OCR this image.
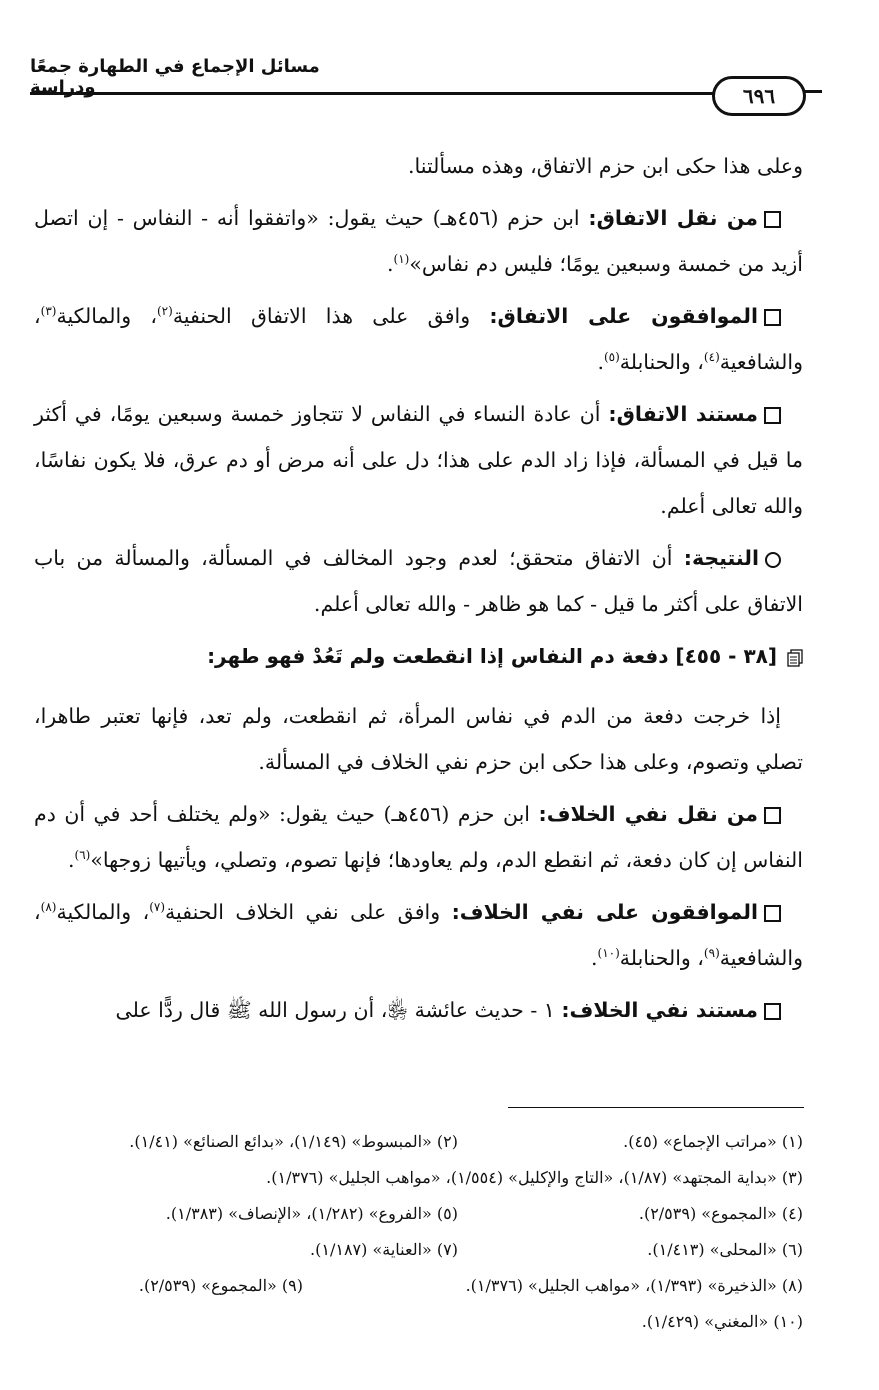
مسائل الإجماع في الطهارة جمعًا ودراسة	٦٩٦

وعلى هذا حكى ابن حزم الاتفاق، وهذه مسألتنا.

من نقل الاتفاق: ابن حزم (٤٥٦هـ) حيث يقول: «واتفقوا أنه - النفاس - إن اتصل أزيد من خمسة وسبعين يومًا؛ فليس دم نفاس»$^{(١)}$.

الموافقون على الاتفاق: وافق على هذا الاتفاق الحنفية$^{(٢)}$، والمالكية$^{(٣)}$، والشافعية$^{(٤)}$، والحنابلة$^{(٥)}$.

مستند الاتفاق: أن عادة النساء في النفاس لا تتجاوز خمسة وسبعين يومًا، في أكثر ما قيل في المسألة، فإذا زاد الدم على هذا؛ دل على أنه مرض أو دم عرق، فلا يكون نفاسًا، والله تعالى أعلم.

النتيجة: أن الاتفاق متحقق؛ لعدم وجود المخالف في المسألة، والمسألة من باب الاتفاق على أكثر ما قيل - كما هو ظاهر - والله تعالى أعلم.

[٣٨ - ٤٥٥] دفعة دم النفاس إذا انقطعت ولم تَعُدْ فهو طهر:

إذا خرجت دفعة من الدم في نفاس المرأة، ثم انقطعت، ولم تعد، فإنها تعتبر طاهرا، تصلي وتصوم، وعلى هذا حكى ابن حزم نفي الخلاف في المسألة.

من نقل نفي الخلاف: ابن حزم (٤٥٦هـ) حيث يقول: «ولم يختلف أحد في أن دم النفاس إن كان دفعة، ثم انقطع الدم، ولم يعاودها؛ فإنها تصوم، وتصلي، ويأتيها زوجها»$^{(٦)}$.

الموافقون على نفي الخلاف: وافق على نفي الخلاف الحنفية$^{(٧)}$، والمالكية$^{(٨)}$، والشافعية$^{(٩)}$، والحنابلة$^{(١٠)}$.

مستند نفي الخلاف: ١ - حديث عائشة ﵂، أن رسول الله ﷺ قال ردًّا على

(١) «مراتب الإجماع» (٤٥).
(٢) «المبسوط» (١/١٤٩)، «بدائع الصنائع» (١/٤١).
(٣) «بداية المجتهد» (١/٨٧)، «التاج والإكليل» (١/٥٥٤)، «مواهب الجليل» (١/٣٧٦).
(٤) «المجموع» (٢/٥٣٩).
(٥) «الفروع» (١/٢٨٢)، «الإنصاف» (١/٣٨٣).
(٦) «المحلى» (١/٤١٣).
(٧) «العناية» (١/١٨٧).
(٨) «الذخيرة» (١/٣٩٣)، «مواهب الجليل» (١/٣٧٦).
(٩) «المجموع» (٢/٥٣٩).
(١٠) «المغني» (١/٤٢٩).
